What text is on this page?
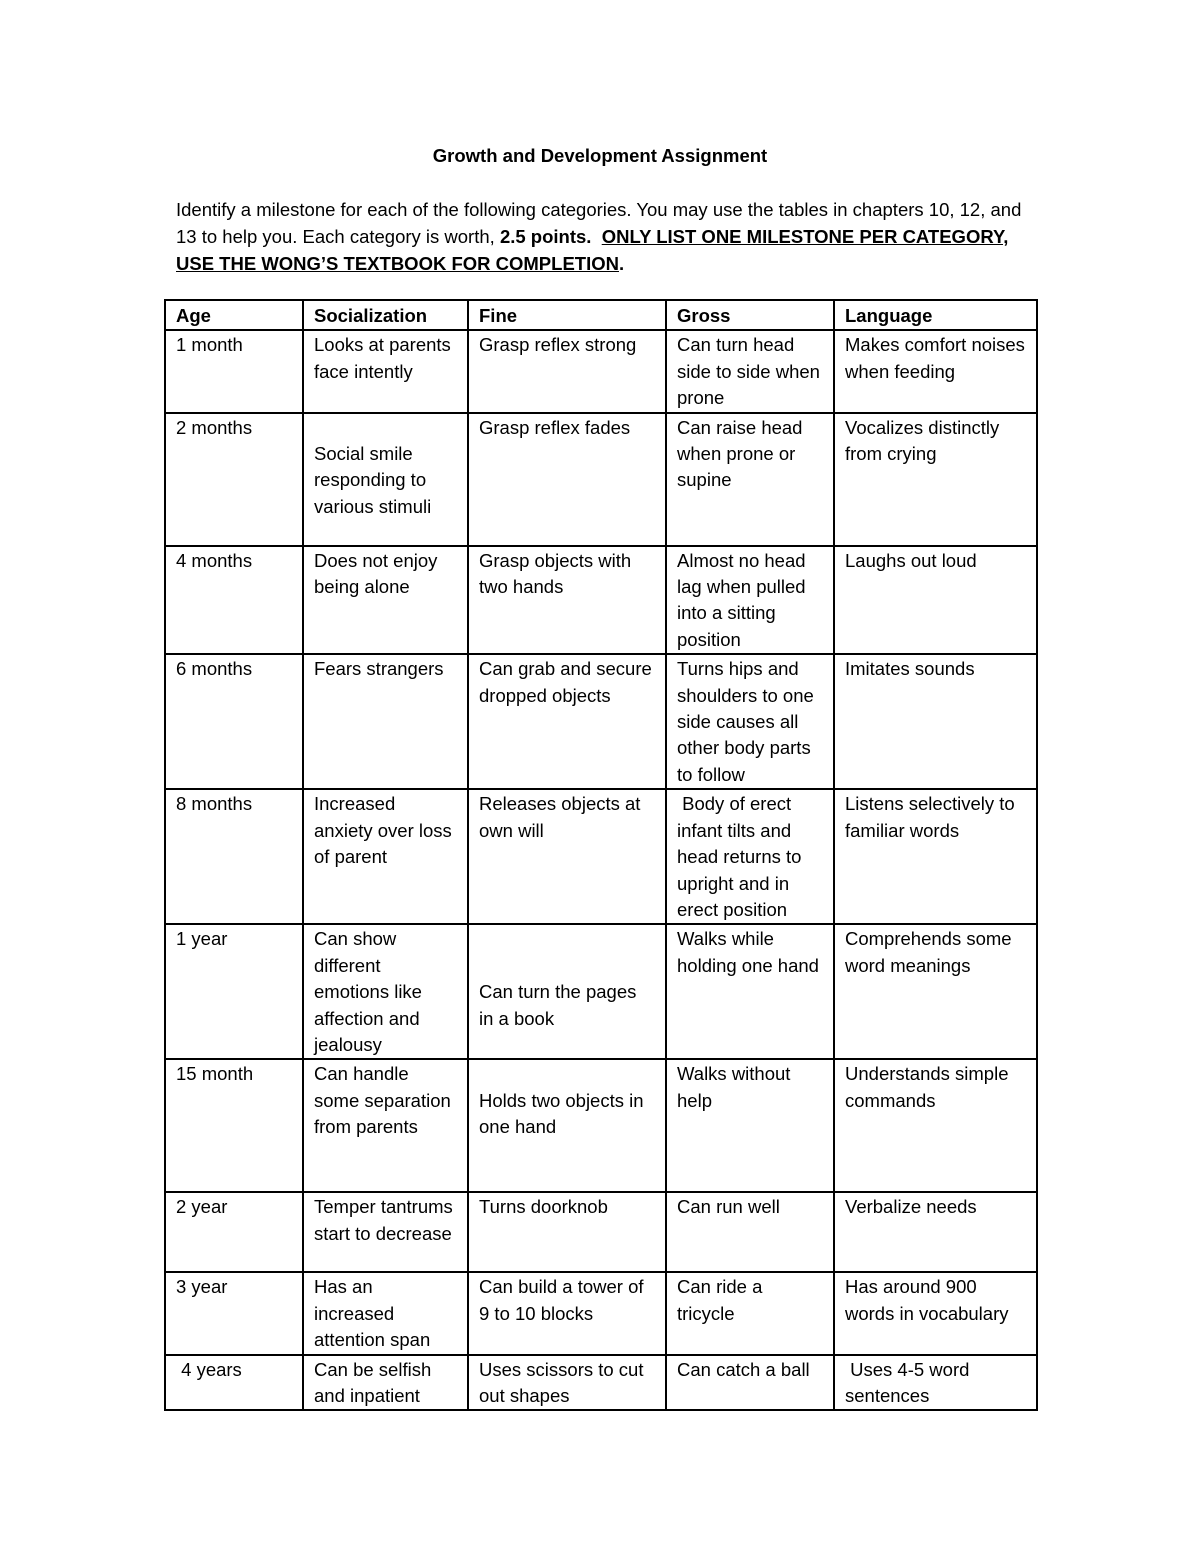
Growth and Development Assignment
Identify a milestone for each of the following categories. You may use the tables in chapters 10, 12, and 13 to help you. Each category is worth, 2.5 points. ONLY LIST ONE MILESTONE PER CATEGORY, USE THE WONG’S TEXTBOOK FOR COMPLETION.
Age	Socialization	Fine	Gross	Language
1 month	Looks at parents face intently	Grasp reflex strong	Can turn head side to side when prone	Makes comfort noises when feeding
2 months	Social smile responding to various stimuli	Grasp reflex fades	Can raise head when prone or supine	Vocalizes distinctly from crying
4 months	Does not enjoy being alone	Grasp objects with two hands	Almost no head lag when pulled into a sitting position	Laughs out loud
6 months	Fears strangers	Can grab and secure dropped objects	Turns hips and shoulders to one side causes all other body parts to follow	Imitates sounds
8 months	Increased anxiety over loss of parent	Releases objects at own will	Body of erect infant tilts and head returns to upright and in erect position	Listens selectively to familiar words
1 year	Can show different emotions like affection and jealousy	Can turn the pages in a book	Walks while holding one hand	Comprehends some word meanings
15 month	Can handle some separation from parents	Holds two objects in one hand	Walks without help	Understands simple commands
2 year	Temper tantrums start to decrease	Turns doorknob	Can run well	Verbalize needs
3 year	Has an increased attention span	Can build a tower of 9 to 10 blocks	Can ride a tricycle	Has around 900 words in vocabulary
4 years	Can be selfish and inpatient	Uses scissors to cut out shapes	Can catch a ball	Uses 4-5 word sentences
